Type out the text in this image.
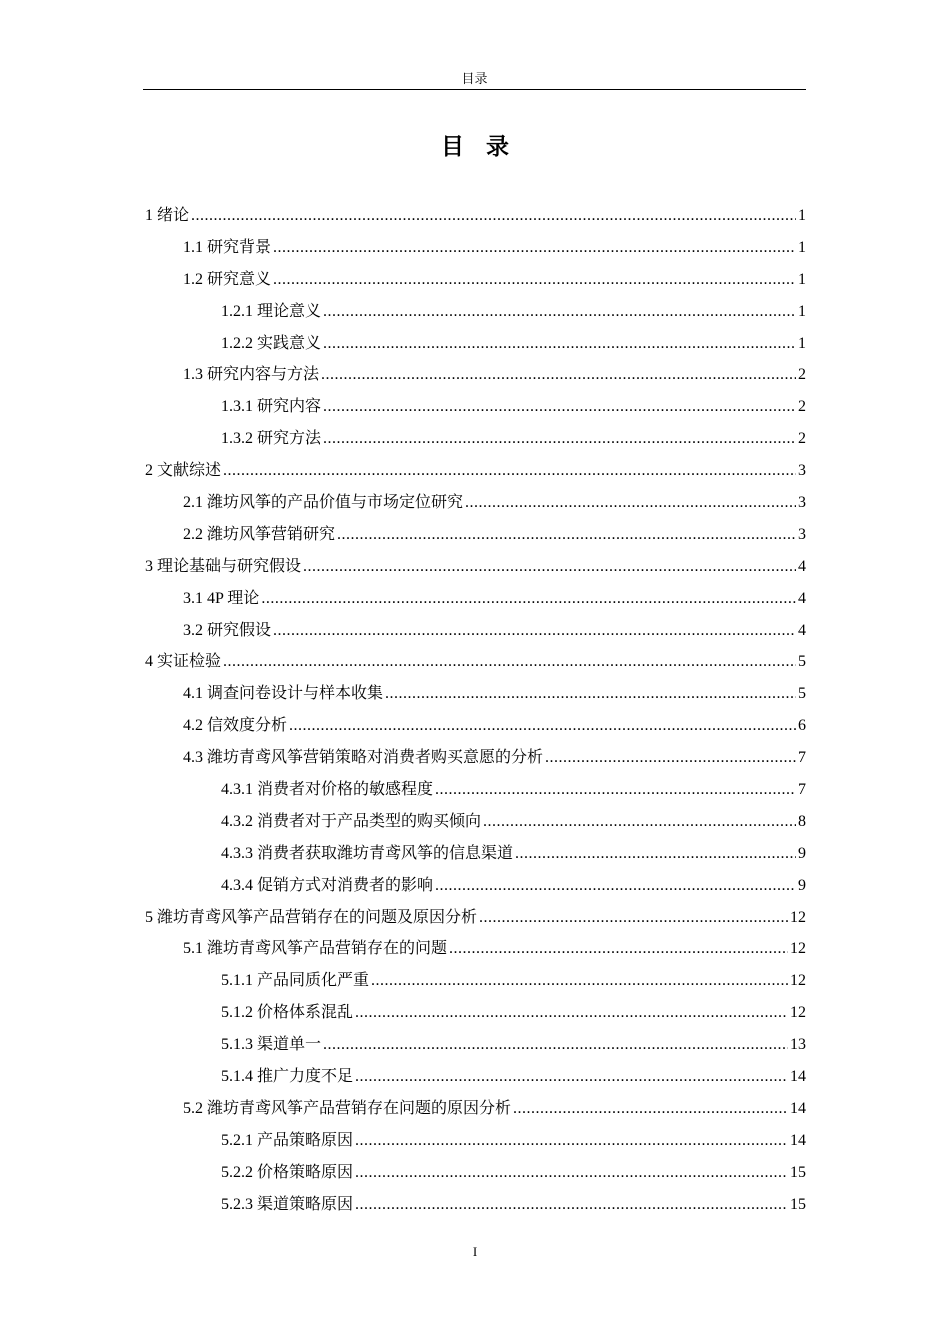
目录
目录
1 绪论 .....	1
1.1 研究背景 .....	1
1.2 研究意义 .....	1
1.2.1 理论意义 .....	1
1.2.2 实践意义 .....	1
1.3 研究内容与方法 .....	2
1.3.1 研究内容 .....	2
1.3.2 研究方法 .....	2
2 文献综述 .....	3
2.1 潍坊风筝的产品价值与市场定位研究 .....	3
2.2 潍坊风筝营销研究 .....	3
3 理论基础与研究假设 .....	4
3.1 4P 理论 .....	4
3.2 研究假设 .....	4
4 实证检验 .....	5
4.1 调查问卷设计与样本收集 .....	5
4.2 信效度分析 .....	6
4.3 潍坊青鸢风筝营销策略对消费者购买意愿的分析 .....	7
4.3.1 消费者对价格的敏感程度 .....	7
4.3.2 消费者对于产品类型的购买倾向 .....	8
4.3.3 消费者获取潍坊青鸢风筝的信息渠道 .....	9
4.3.4 促销方式对消费者的影响 .....	9
5 潍坊青鸢风筝产品营销存在的问题及原因分析 .....	12
5.1 潍坊青鸢风筝产品营销存在的问题 .....	12
5.1.1 产品同质化严重 .....	12
5.1.2 价格体系混乱 .....	12
5.1.3 渠道单一 .....	13
5.1.4 推广力度不足 .....	14
5.2 潍坊青鸢风筝产品营销存在问题的原因分析 .....	14
5.2.1 产品策略原因 .....	14
5.2.2 价格策略原因 .....	15
5.2.3 渠道策略原因 .....	15
I
